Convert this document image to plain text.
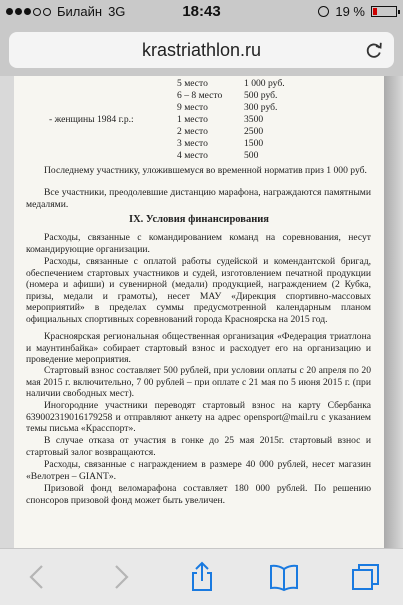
Билайн 3G	18:43	19 %
krastriathlon.ru
5 место	1 000 руб.
6 – 8 место 500 руб.
9 место	300 руб.
- женщины 1984 г.р.:	1 место	3500
2 место	2500
3 место	1500
4 место	500
Последнему участнику, уложившемуся во временной норматив приз 1 000 руб.
Все участники, преодолевшие дистанцию марафона, награждаются памятными медалями.
IX. Условия финансирования
Расходы, связанные с командированием команд на соревнования, несут командирующие организации.
Расходы, связанные с оплатой работы судейской и комендантской бригад, обеспечением стартовых участников и судей, изготовлением печатной продукции (номера и афиши) и сувенирной (медали) продукцией, награждением (2 Кубка, призы, медали и грамоты), несет МАУ «Дирекция спортивно-массовых мероприятий» в пределах суммы предусмотренной календарным планом официальных спортивных соревнований города Красноярска на 2015 год.
Красноярская региональная общественная организация «Федерация триатлона и маунтинбайка» собирает стартовый взнос и расходует его на организацию и проведение мероприятия.
Стартовый взнос составляет 500 рублей, при условии оплаты с 20 апреля по 20 мая 2015 г. включительно, 7 00 рублей – при оплате с 21 мая по 5 июня 2015 г. (при наличии свободных мест).
Иногородние участники переводят стартовый взнос на карту Сбербанка 639002319016179258 и отправляют анкету на адрес opensport@mail.ru с указанием темы письма «Красспорт».
В случае отказа от участия в гонке до 25 мая 2015г. стартовый взнос и стартовый залог возвращаются.
Расходы, связанные с награждением в размере 40 000 рублей, несет магазин «Велотрен – GIANT».
Призовой фонд веломарафона составляет 180 000 рублей. По решению спонсоров призовой фонд может быть увеличен.
